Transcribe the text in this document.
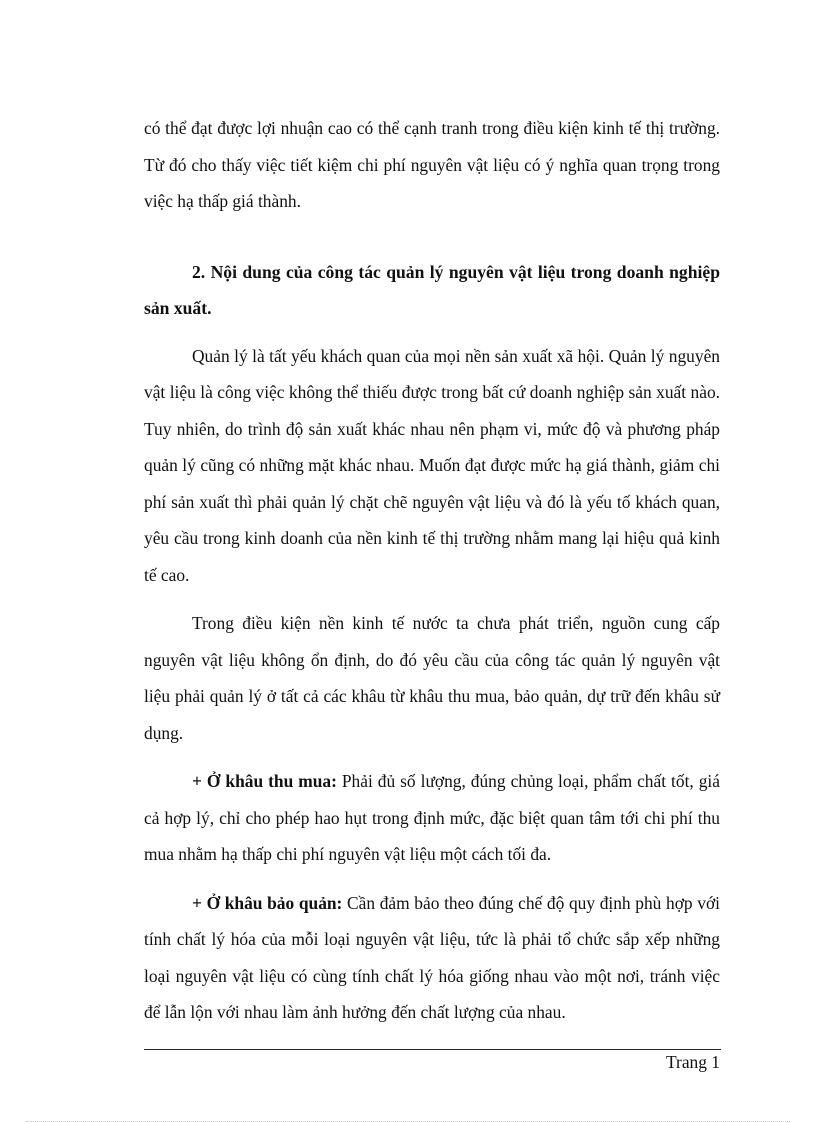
có thể đạt được lợi nhuận cao có thể cạnh tranh trong điều kiện kinh tế thị trường. Từ đó cho thấy việc tiết kiệm chi phí nguyên vật liệu có ý nghĩa quan trọng trong việc hạ thấp giá thành.

2. Nội dung của công tác quản lý nguyên vật liệu trong doanh nghiệp sản xuất.

Quản lý là tất yếu khách quan của mọi nền sản xuất xã hội. Quản lý nguyên vật liệu là công việc không thể thiếu được trong bất cứ doanh nghiệp sản xuất nào. Tuy nhiên, do trình độ sản xuất khác nhau nên phạm vi, mức độ và phương pháp quản lý cũng có những mặt khác nhau. Muốn đạt được mức hạ giá thành, giảm chi phí sản xuất thì phải quản lý chặt chẽ nguyên vật liệu và đó là yếu tố khách quan, yêu cầu trong kinh doanh của nền kinh tế thị trường nhằm mang lại hiệu quả kinh tế cao.

Trong điều kiện nền kinh tế nước ta chưa phát triển, nguồn cung cấp nguyên vật liệu không ổn định, do đó yêu cầu của công tác quản lý nguyên vật liệu phải quản lý ở tất cả các khâu từ khâu thu mua, bảo quản, dự trữ đến khâu sử dụng.

+ Ở khâu thu mua: Phải đủ số lượng, đúng chủng loại, phẩm chất tốt, giá cả hợp lý, chỉ cho phép hao hụt trong định mức, đặc biệt quan tâm tới chi phí thu mua nhằm hạ thấp chi phí nguyên vật liệu một cách tối đa.

+ Ở khâu bảo quản: Cần đảm bảo theo đúng chế độ quy định phù hợp với tính chất lý hóa của mỗi loại nguyên vật liệu, tức là phải tổ chức sắp xếp những loại nguyên vật liệu có cùng tính chất lý hóa giống nhau vào một nơi, tránh việc để lẫn lộn với nhau làm ảnh hưởng đến chất lượng của nhau.

Trang 1
